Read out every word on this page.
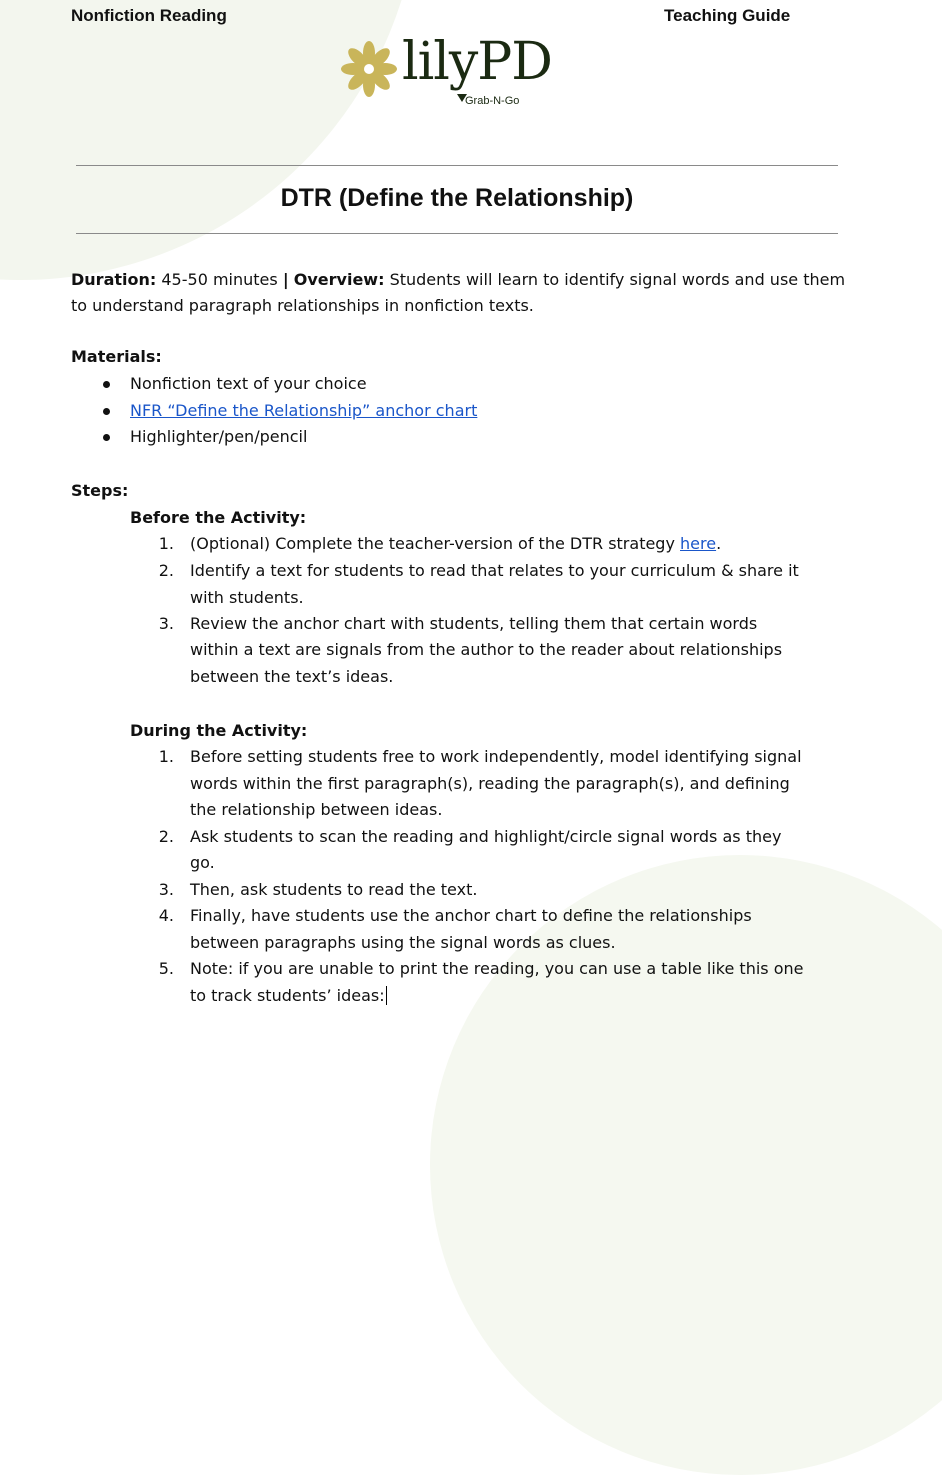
Nonfiction Reading	Teaching Guide
lilyPD
Grab-N-Go
DTR (Define the Relationship)
Duration: 45-50 minutes | Overview: Students will learn to identify signal words and use them
to understand paragraph relationships in nonfiction texts.
Materials:
Nonfiction text of your choice
NFR “Define the Relationship” anchor chart
Highlighter/pen/pencil
Steps:
Before the Activity:
1. (Optional) Complete the teacher-version of the DTR strategy here.
2. Identify a text for students to read that relates to your curriculum & share it
with students.
3. Review the anchor chart with students, telling them that certain words
within a text are signals from the author to the reader about relationships
between the text’s ideas.
During the Activity:
1. Before setting students free to work independently, model identifying signal
words within the first paragraph(s), reading the paragraph(s), and defining
the relationship between ideas.
2. Ask students to scan the reading and highlight/circle signal words as they
go.
3. Then, ask students to read the text.
4. Finally, have students use the anchor chart to define the relationships
between paragraphs using the signal words as clues.
5. Note: if you are unable to print the reading, you can use a table like this one
to track students’ ideas:
